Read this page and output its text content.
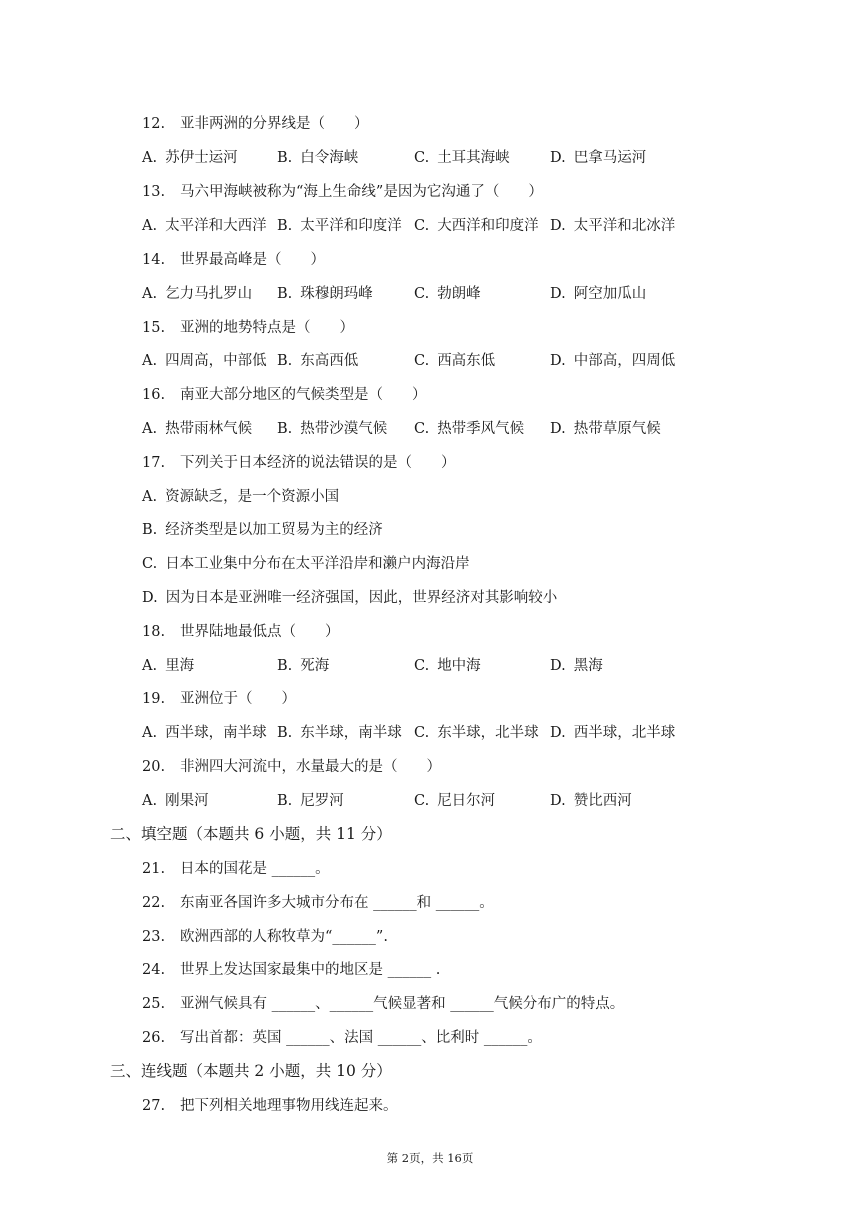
12. 亚非两洲的分界线是（　　）
A. 苏伊士运河	B. 白令海峡	C. 土耳其海峡	D. 巴拿马运河
13. 马六甲海峡被称为“海上生命线”是因为它沟通了（　　）
A. 太平洋和大西洋 B. 太平洋和印度洋 C. 大西洋和印度洋 D. 太平洋和北冰洋
14. 世界最高峰是（　　）
A. 乞力马扎罗山 B. 珠穆朗玛峰	C. 勃朗峰	D. 阿空加瓜山
15. 亚洲的地势特点是（　　）
A. 四周高，中部低 B. 东高西低	C. 西高东低	D. 中部高，四周低
16. 南亚大部分地区的气候类型是（　　）
A. 热带雨林气候 B. 热带沙漠气候 C. 热带季风气候 D. 热带草原气候
17. 下列关于日本经济的说法错误的是（　　）
A. 资源缺乏，是一个资源小国
B. 经济类型是以加工贸易为主的经济
C. 日本工业集中分布在太平洋沿岸和濑户内海沿岸
D. 因为日本是亚洲唯一经济强国，因此，世界经济对其影响较小
18. 世界陆地最低点（　　）
A. 里海	B. 死海	C. 地中海	D. 黑海
19. 亚洲位于（　　）
A. 西半球，南半球 B. 东半球，南半球 C. 东半球，北半球 D. 西半球，北半球
20. 非洲四大河流中，水量最大的是（　　）
A. 刚果河	B. 尼罗河	C. 尼日尔河	D. 赞比西河
二、填空题（本题共 6 小题，共 11 分）
21. 日本的国花是 ______。
22. 东南亚各国许多大城市分布在 ______和 ______。
23. 欧洲西部的人称牧草为“______”.
24. 世界上发达国家最集中的地区是 ______ .
25. 亚洲气候具有 ______、______气候显著和 ______气候分布广的特点。
26. 写出首都：英国 ______、法国 ______、比利时 ______。
三、连线题（本题共 2 小题，共 10 分）
27. 把下列相关地理事物用线连起来。
第 2页，共 16页
